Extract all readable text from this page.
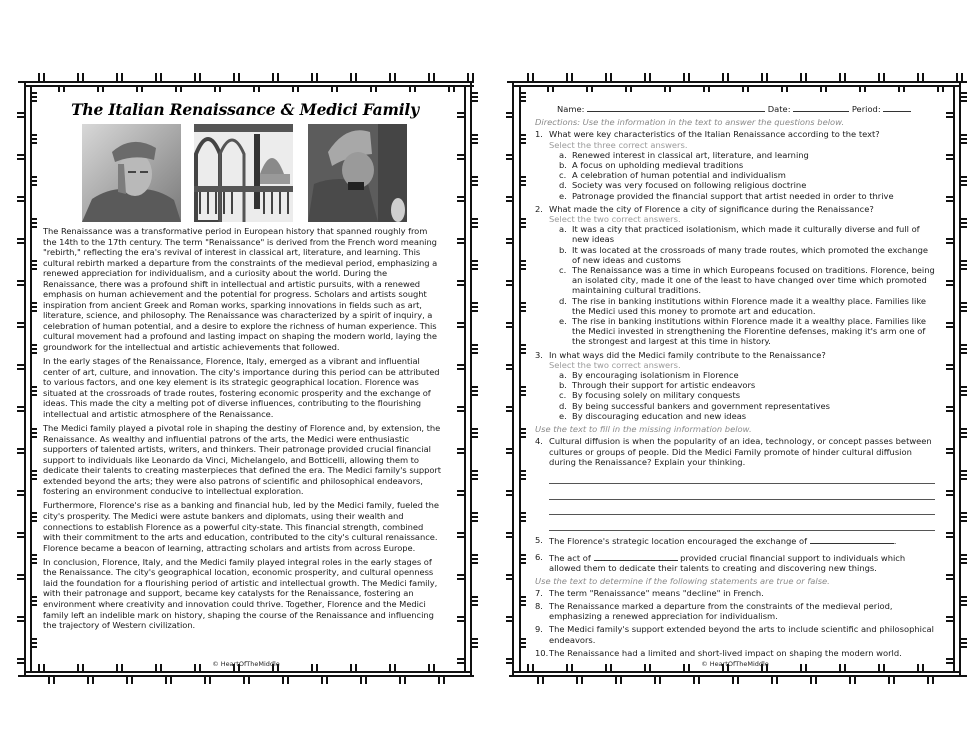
The Italian Renaissance & Medici Family

The Renaissance was a transformative period in European history that spanned roughly from the 14th to the 17th century. The term "Renaissance" is derived from the French word meaning "rebirth," reflecting the era's revival of interest in classical art, literature, and learning. This cultural rebirth marked a departure from the constraints of the medieval period, emphasizing a renewed appreciation for individualism, and a curiosity about the world. During the Renaissance, there was a profound shift in intellectual and artistic pursuits, with a renewed emphasis on human achievement and the potential for progress. Scholars and artists sought inspiration from ancient Greek and Roman works, sparking innovations in fields such as art, literature, science, and philosophy. The Renaissance was characterized by a spirit of inquiry, a celebration of human potential, and a desire to explore the richness of human experience. This cultural movement had a profound and lasting impact on shaping the modern world, laying the groundwork for the intellectual and artistic achievements that followed.

In the early stages of the Renaissance, Florence, Italy, emerged as a vibrant and influential center of art, culture, and innovation. The city's importance during this period can be attributed to various factors, and one key element is its strategic geographical location. Florence was situated at the crossroads of trade routes, fostering economic prosperity and the exchange of ideas. This made the city a melting pot of diverse influences, contributing to the flourishing intellectual and artistic atmosphere of the Renaissance.

The Medici family played a pivotal role in shaping the destiny of Florence and, by extension, the Renaissance. As wealthy and influential patrons of the arts, the Medici were enthusiastic supporters of talented artists, writers, and thinkers. Their patronage provided crucial financial support to individuals like Leonardo da Vinci, Michelangelo, and Botticelli, allowing them to dedicate their talents to creating masterpieces that defined the era. The Medici family's support extended beyond the arts; they were also patrons of scientific and philosophical endeavors, fostering an environment conducive to intellectual exploration.

Furthermore, Florence's rise as a banking and financial hub, led by the Medici family, fueled the city's prosperity. The Medici were astute bankers and diplomats, using their wealth and connections to establish Florence as a powerful city-state. This financial strength, combined with their commitment to the arts and education, contributed to the city's cultural renaissance. Florence became a beacon of learning, attracting scholars and artists from across Europe.

In conclusion, Florence, Italy, and the Medici family played integral roles in the early stages of the Renaissance. The city's geographical location, economic prosperity, and cultural openness laid the foundation for a flourishing period of artistic and intellectual growth. The Medici family, with their patronage and support, became key catalysts for the Renaissance, fostering an environment where creativity and innovation could thrive. Together, Florence and the Medici family left an indelible mark on history, shaping the course of the Renaissance and influencing the trajectory of Western civilization.

© HeartOfTheMiddle	© HeartOfTheMiddle
Name:	Date:	Period:
Directions: Use the information in the text to answer the questions below.
1. What were key characteristics of the Italian Renaissance according to the text?
Select the three correct answers.
a. Renewed interest in classical art, literature, and learning
b. A focus on upholding medieval traditions
c. A celebration of human potential and individualism
d. Society was very focused on following religious doctrine
e. Patronage provided the financial support that artist needed in order to thrive
2. What made the city of Florence a city of significance during the Renaissance?
Select the two correct answers.
a. It was a city that practiced isolationism, which made it culturally diverse and full of new ideas
b. It was located at the crossroads of many trade routes, which promoted the exchange of new ideas and customs
c. The Renaissance was a time in which Europeans focused on traditions. Florence, being an isolated city, made it one of the least to have changed over time which promoted maintaining cultural traditions.
d. The rise in banking institutions within Florence made it a wealthy place. Families like the Medici used this money to promote art and education.
e. The rise in banking institutions within Florence made it a wealthy place. Families like the Medici invested in strengthening the Florentine defenses, making it's arm one of the strongest and largest at this time in history.
3. In what ways did the Medici family contribute to the Renaissance?
Select the two correct answers.
a. By encouraging isolationism in Florence
b. Through their support for artistic endeavors
c. By focusing solely on military conquests
d. By being successful bankers and government representatives
e. By discouraging education and new ideas
Use the text to fill in the missing information below.
4. Cultural diffusion is when the popularity of an idea, technology, or concept passes between cultures or groups of people. Did the Medici Family promote of hinder cultural diffusion during the Renaissance? Explain your thinking.
5. The Florence's strategic location encouraged the exchange of	.
6. The act of	provided crucial financial support to individuals which allowed them to dedicate their talents to creating and discovering new things.
Use the text to determine if the following statements are true or false.
7. The term "Renaissance" means "decline" in French.
8. The Renaissance marked a departure from the constraints of the medieval period, emphasizing a renewed appreciation for individualism.
9. The Medici family's support extended beyond the arts to include scientific and philosophical endeavors.
10. The Renaissance had a limited and short-lived impact on shaping the modern world.
